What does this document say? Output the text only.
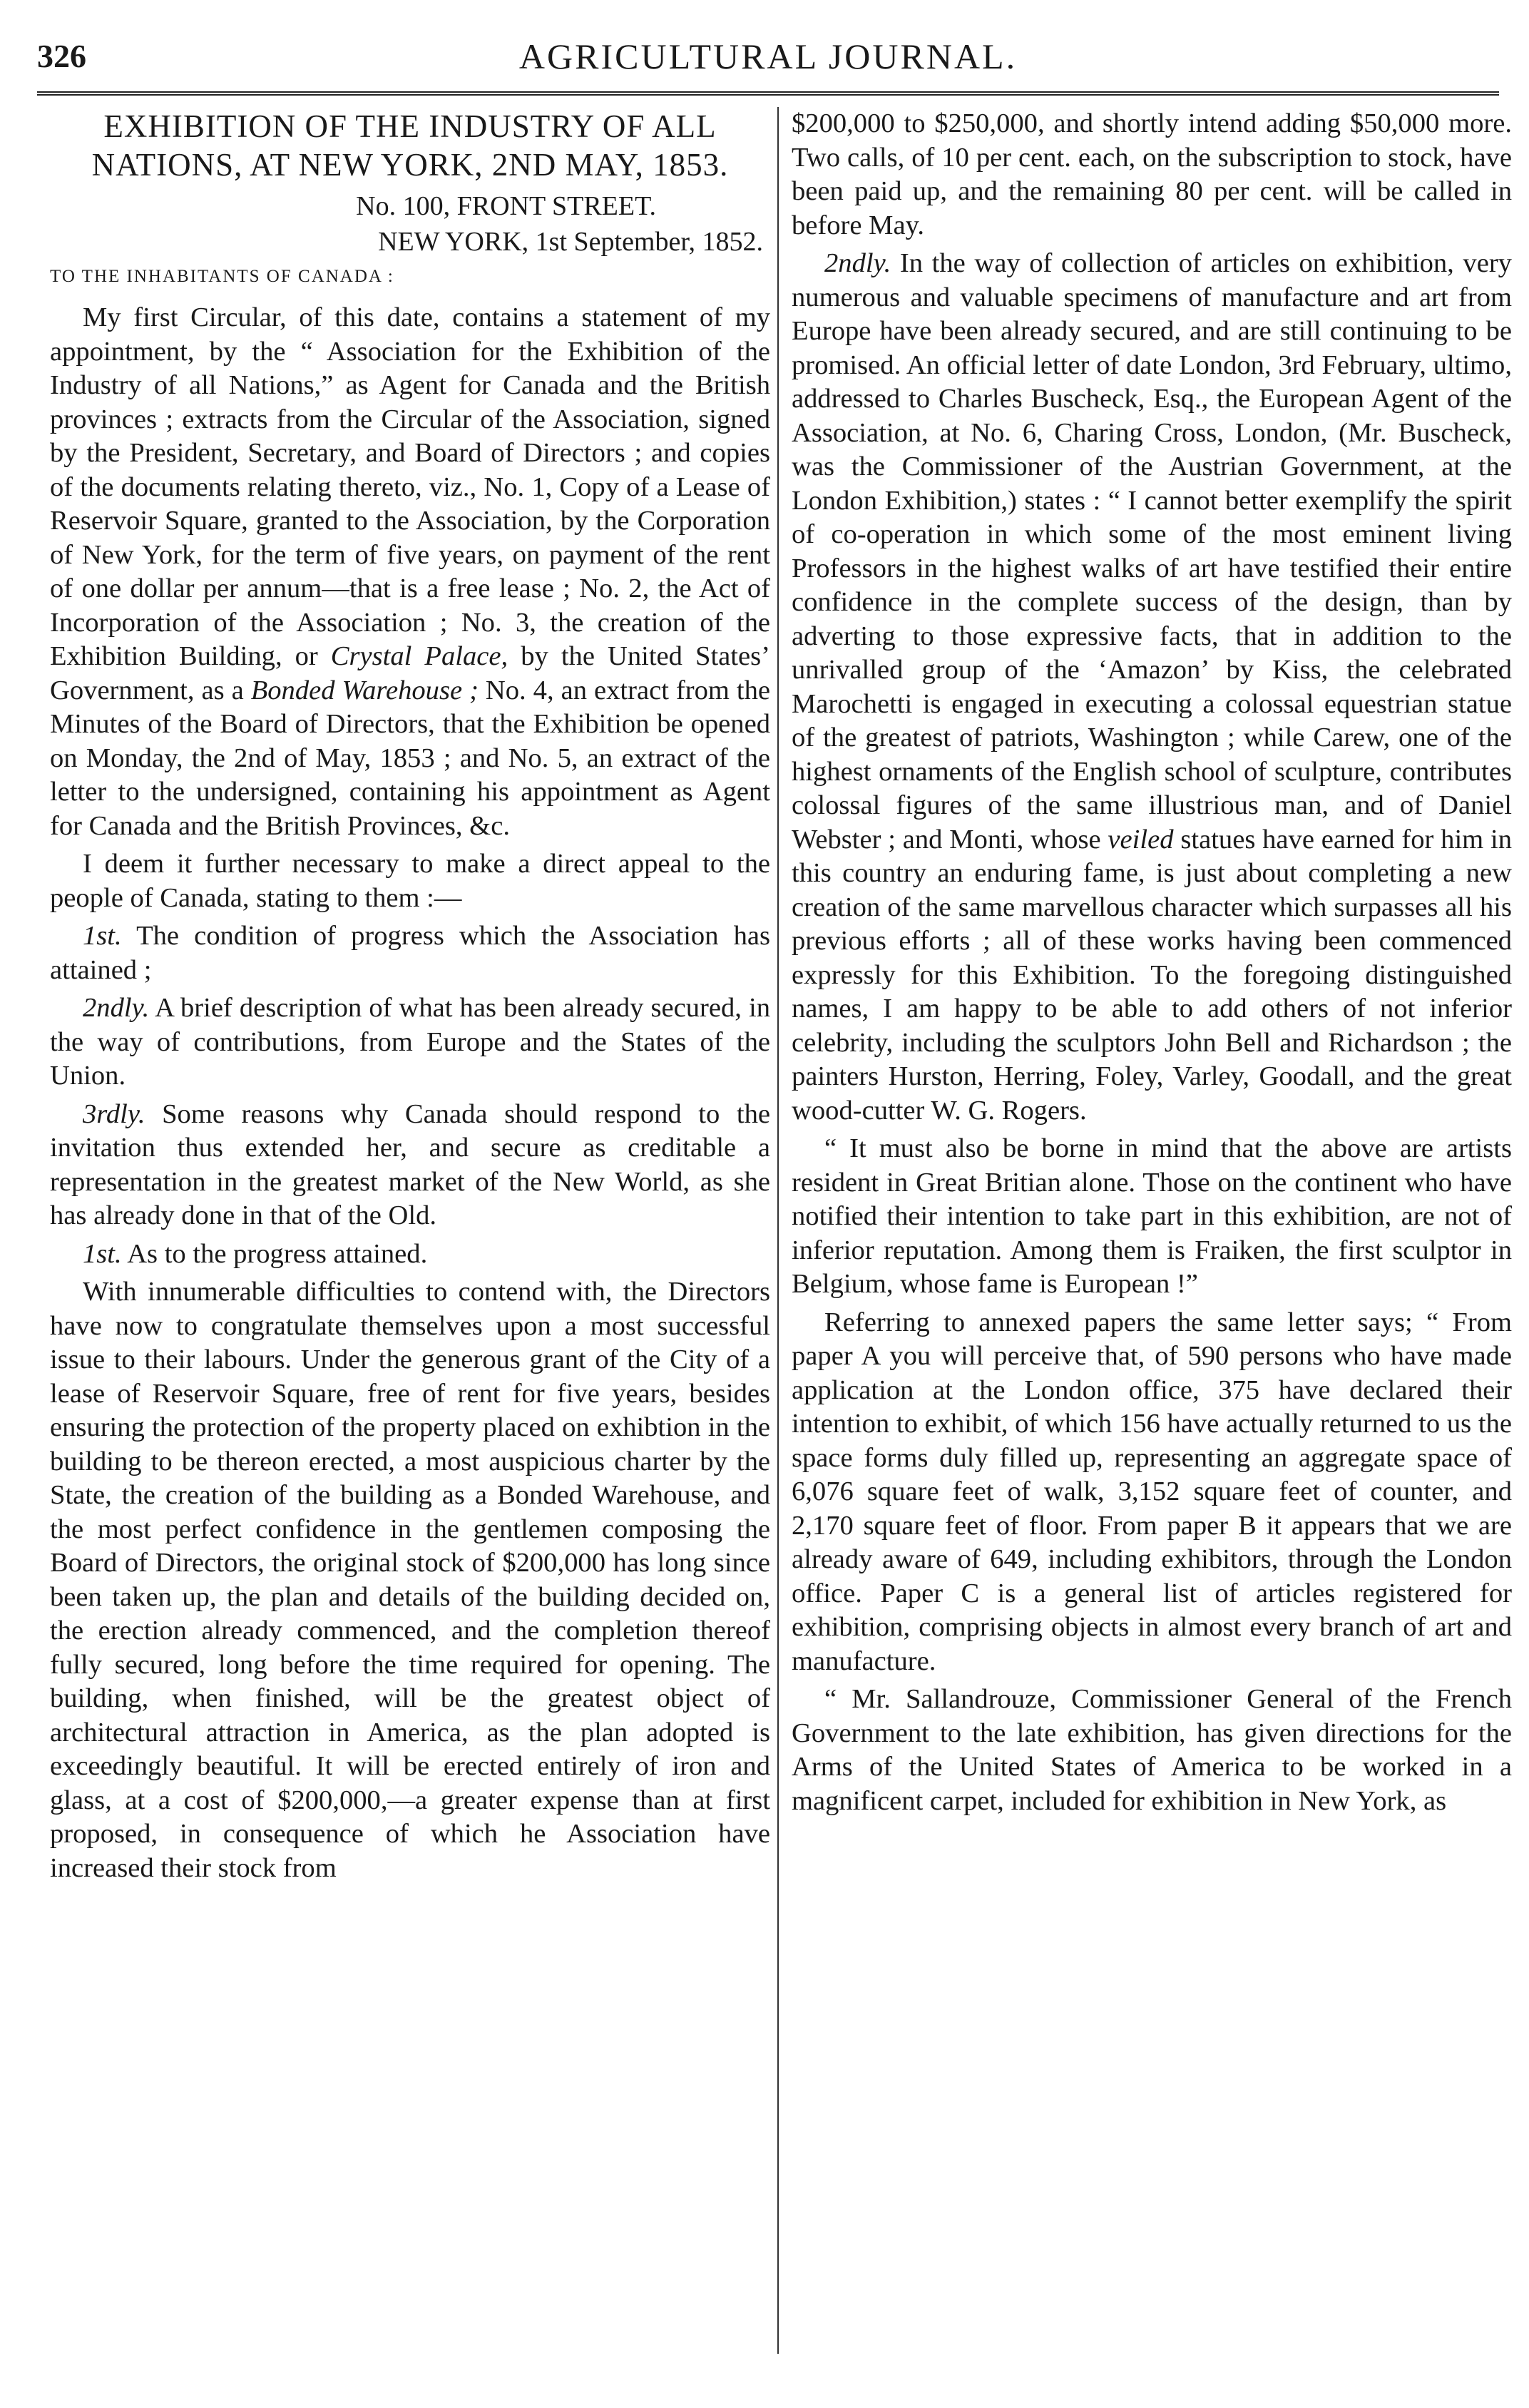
326	AGRICULTURAL JOURNAL.
EXHIBITION OF THE INDUSTRY OF ALL
NATIONS, AT NEW YORK, 2ND MAY, 1853.

No. 100, FRONT STREET.

NEW YORK, 1st September, 1852.

TO THE INHABITANTS OF CANADA :

My first Circular, of this date, contains a statement of my appointment, by the “ Association for the Exhibition of the Industry of all Nations,” as Agent for Canada and the British provinces ; extracts from the Circular of the Association, signed by the President, Secretary, and Board of Directors ; and copies of the documents relating thereto, viz., No. 1, Copy of a Lease of Reservoir Square, granted to the Association, by the Corporation of New York, for the term of five years, on payment of the rent of one dollar per annum—that is a free lease ; No. 2, the Act of Incorporation of the Association ; No. 3, the creation of the Exhibition Building, or Crystal Palace, by the United States’ Government, as a Bonded Warehouse ; No. 4, an extract from the Minutes of the Board of Directors, that the Exhibition be opened on Monday, the 2nd of May, 1853 ; and No. 5, an extract of the letter to the undersigned, containing his appointment as Agent for Canada and the British Provinces, &c.

I deem it further necessary to make a direct appeal to the people of Canada, stating to them :—

1st. The condition of progress which the Association has attained ;

2ndly. A brief description of what has been already secured, in the way of contributions, from Europe and the States of the Union.

3rdly. Some reasons why Canada should respond to the invitation thus extended her, and secure as creditable a representation in the greatest market of the New World, as she has already done in that of the Old.

1st. As to the progress attained.

With innumerable difficulties to contend with, the Directors have now to congratulate themselves upon a most successful issue to their labours. Under the generous grant of the City of a lease of Reservoir Square, free of rent for five years, besides ensuring the protection of the property placed on exhibtion in the building to be thereon erected, a most auspicious charter by the State, the creation of the building as a Bonded Warehouse, and the most perfect confidence in the gentlemen composing the Board of Directors, the original stock of $200,000 has long since been taken up, the plan and details of the building decided on, the erection already commenced, and the completion thereof fully secured, long before the time required for opening. The building, when finished, will be the greatest object of architectural attraction in America, as the plan adopted is exceedingly beautiful. It will be erected entirely of iron and glass, at a cost of $200,000,—a greater expense than at first proposed, in consequence of which he Association have increased their stock from

$200,000 to $250,000, and shortly intend adding $50,000 more. Two calls, of 10 per cent. each, on the subscription to stock, have been paid up, and the remaining 80 per cent. will be called in before May.

2ndly. In the way of collection of articles on exhibition, very numerous and valuable specimens of manufacture and art from Europe have been already secured, and are still continuing to be promised. An official letter of date London, 3rd February, ultimo, addressed to Charles Buscheck, Esq., the European Agent of the Association, at No. 6, Charing Cross, London, (Mr. Buscheck, was the Commissioner of the Austrian Government, at the London Exhibition,) states : “ I cannot better exemplify the spirit of co-operation in which some of the most eminent living Professors in the highest walks of art have testified their entire confidence in the complete success of the design, than by adverting to those expressive facts, that in addition to the unrivalled group of the ‘Amazon’ by Kiss, the celebrated Marochetti is engaged in executing a colossal equestrian statue of the greatest of patriots, Washington ; while Carew, one of the highest ornaments of the English school of sculpture, contributes colossal figures of the same illustrious man, and of Daniel Webster ; and Monti, whose veiled statues have earned for him in this country an enduring fame, is just about completing a new creation of the same marvellous character which surpasses all his previous efforts ; all of these works having been commenced expressly for this Exhibition. To the foregoing distinguished names, I am happy to be able to add others of not inferior celebrity, including the sculptors John Bell and Richardson ; the painters Hurston, Herring, Foley, Varley, Goodall, and the great wood-cutter W. G. Rogers.

“ It must also be borne in mind that the above are artists resident in Great Britian alone. Those on the continent who have notified their intention to take part in this exhibition, are not of inferior reputation. Among them is Fraiken, the first sculptor in Belgium, whose fame is European !”

Referring to annexed papers the same letter says; “ From paper A you will perceive that, of 590 persons who have made application at the London office, 375 have declared their intention to exhibit, of which 156 have actually returned to us the space forms duly filled up, representing an aggregate space of 6,076 square feet of walk, 3,152 square feet of counter, and 2,170 square feet of floor. From paper B it appears that we are already aware of 649, including exhibitors, through the London office. Paper C is a general list of articles registered for exhibition, comprising objects in almost every branch of art and manufacture.

“ Mr. Sallandrouze, Commissioner General of the French Government to the late exhibition, has given directions for the Arms of the United States of America to be worked in a magnificent carpet, included for exhibition in New York, as
